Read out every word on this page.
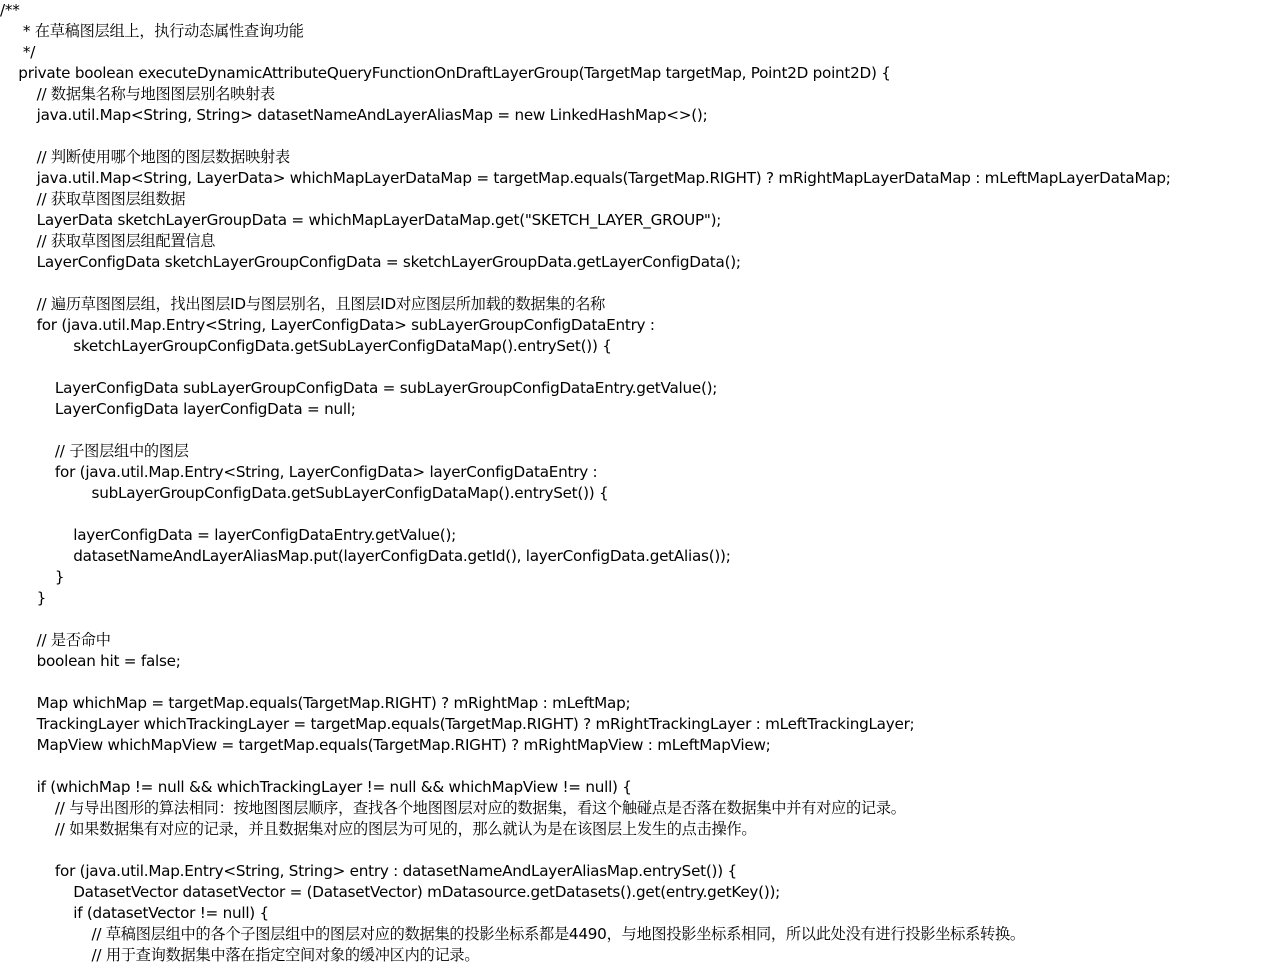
/**
* 在草稿图层组上，执行动态属性查询功能
*/
private boolean executeDynamicAttributeQueryFunctionOnDraftLayerGroup(TargetMap targetMap, Point2D point2D) {
// 数据集名称与地图图层别名映射表
java.util.Map<String, String> datasetNameAndLayerAliasMap = new LinkedHashMap<>();
// 判断使用哪个地图的图层数据映射表
java.util.Map<String, LayerData> whichMapLayerDataMap = targetMap.equals(TargetMap.RIGHT) ? mRightMapLayerDataMap : mLeftMapLayerDataMap;
// 获取草图图层组数据
LayerData sketchLayerGroupData = whichMapLayerDataMap.get("SKETCH_LAYER_GROUP");
// 获取草图图层组配置信息
LayerConfigData sketchLayerGroupConfigData = sketchLayerGroupData.getLayerConfigData();
// 遍历草图图层组，找出图层ID与图层别名，且图层ID对应图层所加载的数据集的名称
for (java.util.Map.Entry<String, LayerConfigData> subLayerGroupConfigDataEntry :
sketchLayerGroupConfigData.getSubLayerConfigDataMap().entrySet()) {
LayerConfigData subLayerGroupConfigData = subLayerGroupConfigDataEntry.getValue();
LayerConfigData layerConfigData = null;
// 子图层组中的图层
for (java.util.Map.Entry<String, LayerConfigData> layerConfigDataEntry :
subLayerGroupConfigData.getSubLayerConfigDataMap().entrySet()) {
layerConfigData = layerConfigDataEntry.getValue();
datasetNameAndLayerAliasMap.put(layerConfigData.getId(), layerConfigData.getAlias());
}
}
// 是否命中
boolean hit = false;
Map whichMap = targetMap.equals(TargetMap.RIGHT) ? mRightMap : mLeftMap;
TrackingLayer whichTrackingLayer = targetMap.equals(TargetMap.RIGHT) ? mRightTrackingLayer : mLeftTrackingLayer;
MapView whichMapView = targetMap.equals(TargetMap.RIGHT) ? mRightMapView : mLeftMapView;
if (whichMap != null && whichTrackingLayer != null && whichMapView != null) {
// 与导出图形的算法相同：按地图图层顺序，查找各个地图图层对应的数据集，看这个触碰点是否落在数据集中并有对应的记录。
// 如果数据集有对应的记录，并且数据集对应的图层为可见的，那么就认为是在该图层上发生的点击操作。
for (java.util.Map.Entry<String, String> entry : datasetNameAndLayerAliasMap.entrySet()) {
DatasetVector datasetVector = (DatasetVector) mDatasource.getDatasets().get(entry.getKey());
if (datasetVector != null) {
// 草稿图层组中的各个子图层组中的图层对应的数据集的投影坐标系都是4490，与地图投影坐标系相同，所以此处没有进行投影坐标系转换。
// 用于查询数据集中落在指定空间对象的缓冲区内的记录。
